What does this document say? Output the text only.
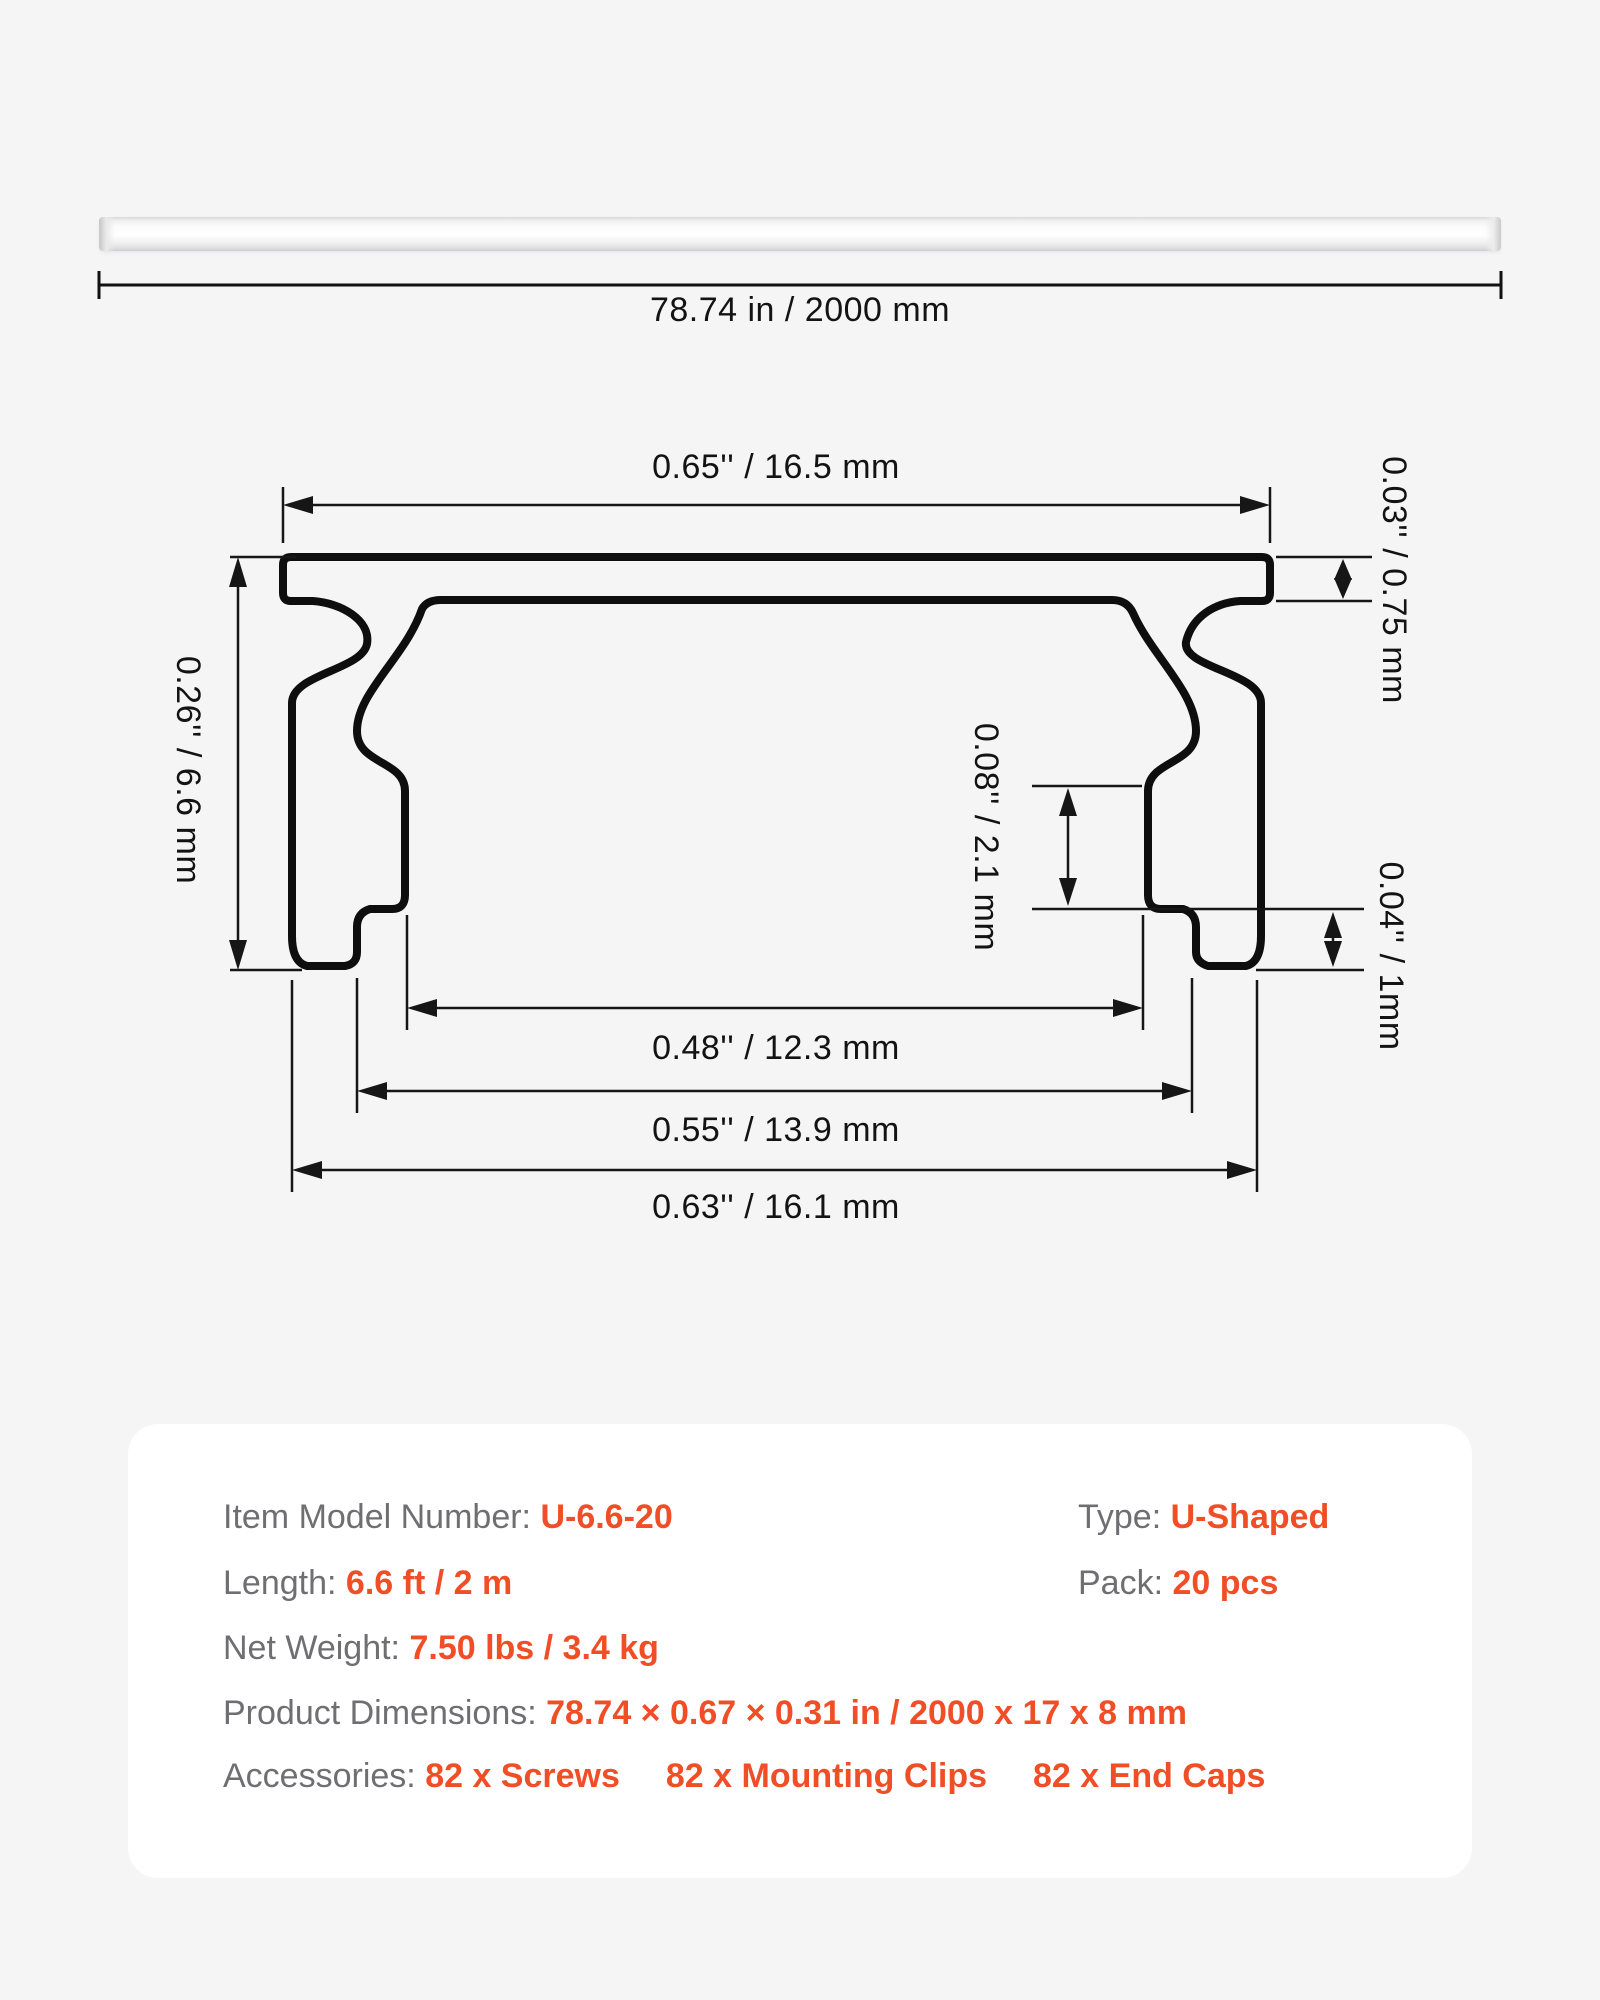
78.74 in / 2000 mm
0.65'' / 16.5 mm
0.26'' / 6.6 mm
0.03'' / 0.75 mm
0.08'' / 2.1 mm
0.04'' / 1mm
0.48'' / 12.3 mm
0.55'' / 13.9 mm
0.63'' / 16.1 mm
Item Model Number: U-6.6-20
Length: 6.6 ft / 2 m
Net Weight: 7.50 lbs / 3.4 kg
Product Dimensions: 78.74 × 0.67 × 0.31 in / 2000 x 17 x 8 mm
Accessories: 82 x Screws 82 x Mounting Clips 82 x End Caps
Type: U-Shaped
Pack: 20 pcs
